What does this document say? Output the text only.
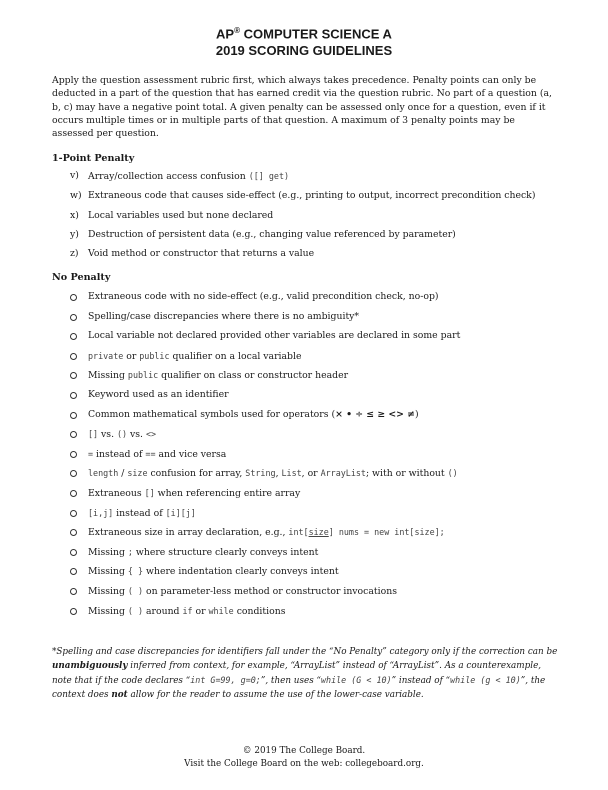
AP® COMPUTER SCIENCE A
2019 SCORING GUIDELINES
Apply the question assessment rubric first, which always takes precedence. Penalty points can only be deducted in a part of the question that has earned credit via the question rubric. No part of a question (a, b, c) may have a negative point total. A given penalty can be assessed only once for a question, even if it occurs multiple times or in multiple parts of that question. A maximum of 3 penalty points may be assessed per question.
1-Point Penalty
v) Array/collection access confusion ([] get)
w) Extraneous code that causes side-effect (e.g., printing to output, incorrect precondition check)
x) Local variables used but none declared
y) Destruction of persistent data (e.g., changing value referenced by parameter)
z)	Void method or constructor that returns a value
No Penalty
Extraneous code with no side-effect (e.g., valid precondition check, no-op)
Spelling/case discrepancies where there is no ambiguity*
Local variable not declared provided other variables are declared in some part
private or public qualifier on a local variable
Missing public qualifier on class or constructor header
Keyword used as an identifier
Common mathematical symbols used for operators (× • ÷ ≤ ≥ <> ≠)
[] vs. () vs. <>
= instead of == and vice versa
length / size confusion for array, String, List, or ArrayList; with or without ()
Extraneous [] when referencing entire array
[i,j] instead of [i][j]
Extraneous size in array declaration, e.g., int[size] nums = new int[size];
Missing ; where structure clearly conveys intent
Missing { } where indentation clearly conveys intent
Missing ( ) on parameter-less method or constructor invocations
Missing ( ) around if or while conditions
*Spelling and case discrepancies for identifiers fall under the “No Penalty” category only if the correction can be unambiguously inferred from context, for example, “ArrayList” instead of “ArrayList”. As a counterexample, note that if the code declares “int G=99, g=0;”, then uses “while (G < 10)” instead of “while (g < 10)”, the context does not allow for the reader to assume the use of the lower-case variable.
© 2019 The College Board.
Visit the College Board on the web: collegeboard.org.
